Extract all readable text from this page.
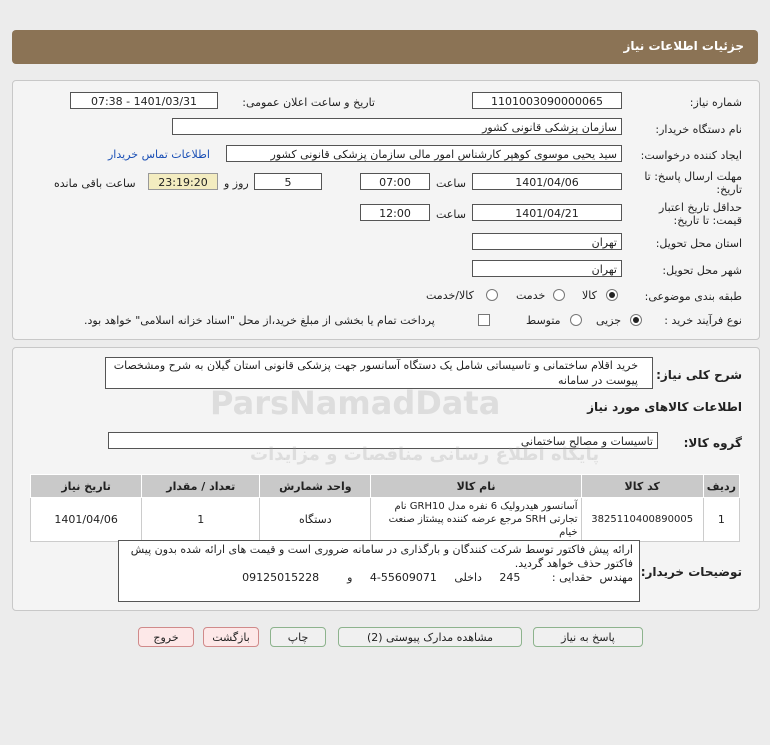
جزئیات اطلاعات نیاز
شماره نیاز:
1101003090000065
تاریخ و ساعت اعلان عمومی:
1401/03/31 - 07:38
نام دستگاه خریدار:
سازمان پزشکی قانونی کشور
ایجاد کننده درخواست:
سید یحیی موسوی کوهپر کارشناس امور مالی سازمان پزشکی قانونی کشور
اطلاعات تماس خریدار
مهلت ارسال پاسخ: تا تاریخ:
1401/04/06
ساعت
07:00
5
روز و
23:19:20
ساعت باقی مانده
حداقل تاریخ اعتبار قیمت: تا تاریخ:
1401/04/21
ساعت
12:00
استان محل تحویل:
تهران
شهر محل تحویل:
تهران
طبقه بندی موضوعی:
کالا
خدمت
کالا/خدمت
نوع فرآیند خرید :
جزیی
متوسط
پرداخت تمام یا بخشی از مبلغ خرید،از محل "اسناد خزانه اسلامی" خواهد بود.
شرح کلی نیاز:
خرید اقلام ساختمانی و تاسیساتی شامل یک دستگاه آسانسور جهت پزشکی قانونی استان گیلان به شرح ومشخصات پیوست در سامانه
اطلاعات کالاهای مورد نیاز
گروه کالا:
تاسیسات و مصالح ساختمانی
ردیف	کد کالا	نام کالا	واحد شمارش	تعداد / مقدار	تاریخ نیاز
1	3825110400890005	آسانسور هیدرولیک 6 نفره مدل GRH10 نام تجارتی SRH مرجع عرضه کننده پیشتاز صنعت خیام	دستگاه	1	1401/04/06
توضیحات خریدار:
ارائه پیش فاکتور توسط شرکت کنندگان و بارگذاری در سامانه ضروری است و قیمت های ارائه شده بدون پیش فاکتور حذف خواهد گردید.
مهندس  حقدایی :         245     داخلی     55609071-4     و        09125015228
ParsNamadData
پایگاه اطلاع رسانی مناقصات و مزایدات
پاسخ به نیاز
مشاهده مدارک پیوستی (2)
چاپ
بازگشت
خروج
